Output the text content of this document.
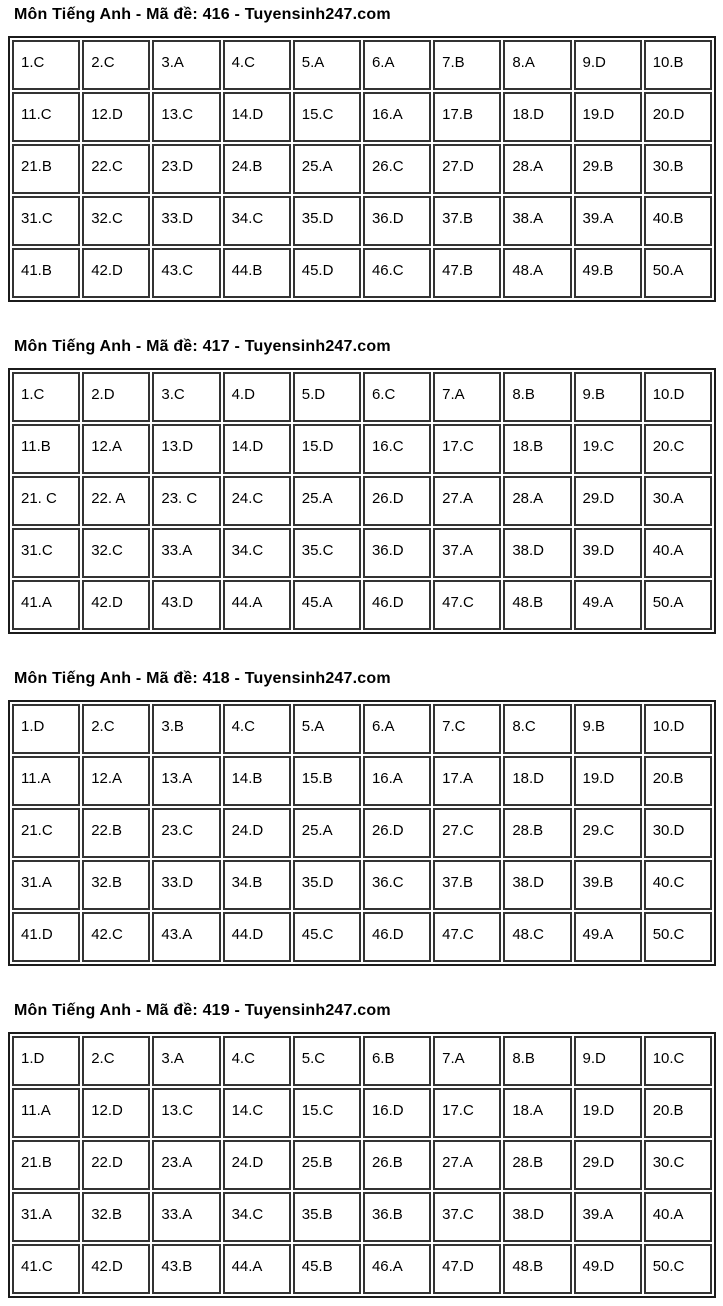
Môn Tiếng Anh - Mã đề: 416 - Tuyensinh247.com
1.C	2.C	3.A	4.C	5.A	6.A	7.B	8.A	9.D	10.B
11.C	12.D	13.C	14.D	15.C	16.A	17.B	18.D	19.D	20.D
21.B	22.C	23.D	24.B	25.A	26.C	27.D	28.A	29.B	30.B
31.C	32.C	33.D	34.C	35.D	36.D	37.B	38.A	39.A	40.B
41.B	42.D	43.C	44.B	45.D	46.C	47.B	48.A	49.B	50.A
Môn Tiếng Anh - Mã đề: 417 - Tuyensinh247.com
1.C	2.D	3.C	4.D	5.D	6.C	7.A	8.B	9.B	10.D
11.B	12.A	13.D	14.D	15.D	16.C	17.C	18.B	19.C	20.C
21. C	22. A	23. C	24.C	25.A	26.D	27.A	28.A	29.D	30.A
31.C	32.C	33.A	34.C	35.C	36.D	37.A	38.D	39.D	40.A
41.A	42.D	43.D	44.A	45.A	46.D	47.C	48.B	49.A	50.A
Môn Tiếng Anh - Mã đề: 418 - Tuyensinh247.com
1.D	2.C	3.B	4.C	5.A	6.A	7.C	8.C	9.B	10.D
11.A	12.A	13.A	14.B	15.B	16.A	17.A	18.D	19.D	20.B
21.C	22.B	23.C	24.D	25.A	26.D	27.C	28.B	29.C	30.D
31.A	32.B	33.D	34.B	35.D	36.C	37.B	38.D	39.B	40.C
41.D	42.C	43.A	44.D	45.C	46.D	47.C	48.C	49.A	50.C
Môn Tiếng Anh - Mã đề: 419 - Tuyensinh247.com
1.D	2.C	3.A	4.C	5.C	6.B	7.A	8.B	9.D	10.C
11.A	12.D	13.C	14.C	15.C	16.D	17.C	18.A	19.D	20.B
21.B	22.D	23.A	24.D	25.B	26.B	27.A	28.B	29.D	30.C
31.A	32.B	33.A	34.C	35.B	36.B	37.C	38.D	39.A	40.A
41.C	42.D	43.B	44.A	45.B	46.A	47.D	48.B	49.D	50.C
